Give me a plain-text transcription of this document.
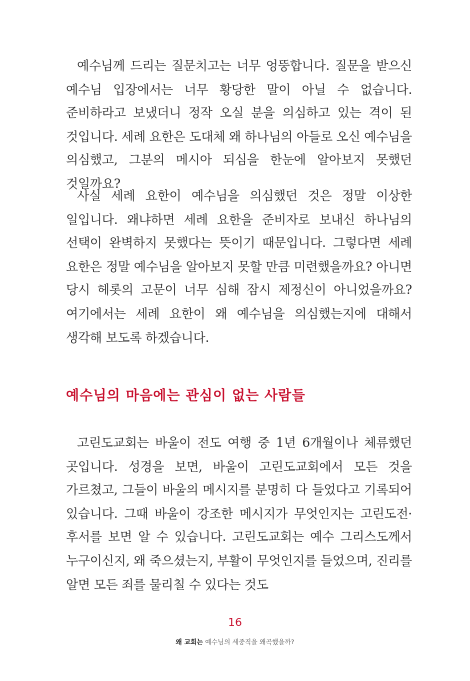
예수님께 드리는 질문치고는 너무 엉뚱합니다. 질문을 받으신 예수님 입장에서는 너무 황당한 말이 아닐 수 없습니다. 준비하라고 보냈더니 정작 오실 분을 의심하고 있는 격이 된 것입니다. 세례 요한은 도대체 왜 하나님의 아들로 오신 예수님을 의심했고, 그분의 메시아 되심을 한눈에 알아보지 못했던 것일까요?

사실 세례 요한이 예수님을 의심했던 것은 정말 이상한 일입니다. 왜냐하면 세례 요한을 준비자로 보내신 하나님의 선택이 완벽하지 못했다는 뜻이기 때문입니다. 그렇다면 세례 요한은 정말 예수님을 알아보지 못할 만큼 미련했을까요? 아니면 당시 헤롯의 고문이 너무 심해 잠시 제정신이 아니었을까요? 여기에서는 세례 요한이 왜 예수님을 의심했는지에 대해서 생각해 보도록 하겠습니다.

예수님의 마음에는 관심이 없는 사람들

고린도교회는 바울이 전도 여행 중 1년 6개월이나 체류했던 곳입니다. 성경을 보면, 바울이 고린도교회에서 모든 것을 가르쳤고, 그들이 바울의 메시지를 분명히 다 들었다고 기록되어 있습니다. 그때 바울이 강조한 메시지가 무엇인지는 고린도전·후서를 보면 알 수 있습니다. 고린도교회는 예수 그리스도께서 누구이신지, 왜 죽으셨는지, 부활이 무엇인지를 들었으며, 진리를 알면 모든 죄를 물리칠 수 있다는 것도

16
왜 교회는 예수님의 세중직을 왜곡했을까?
